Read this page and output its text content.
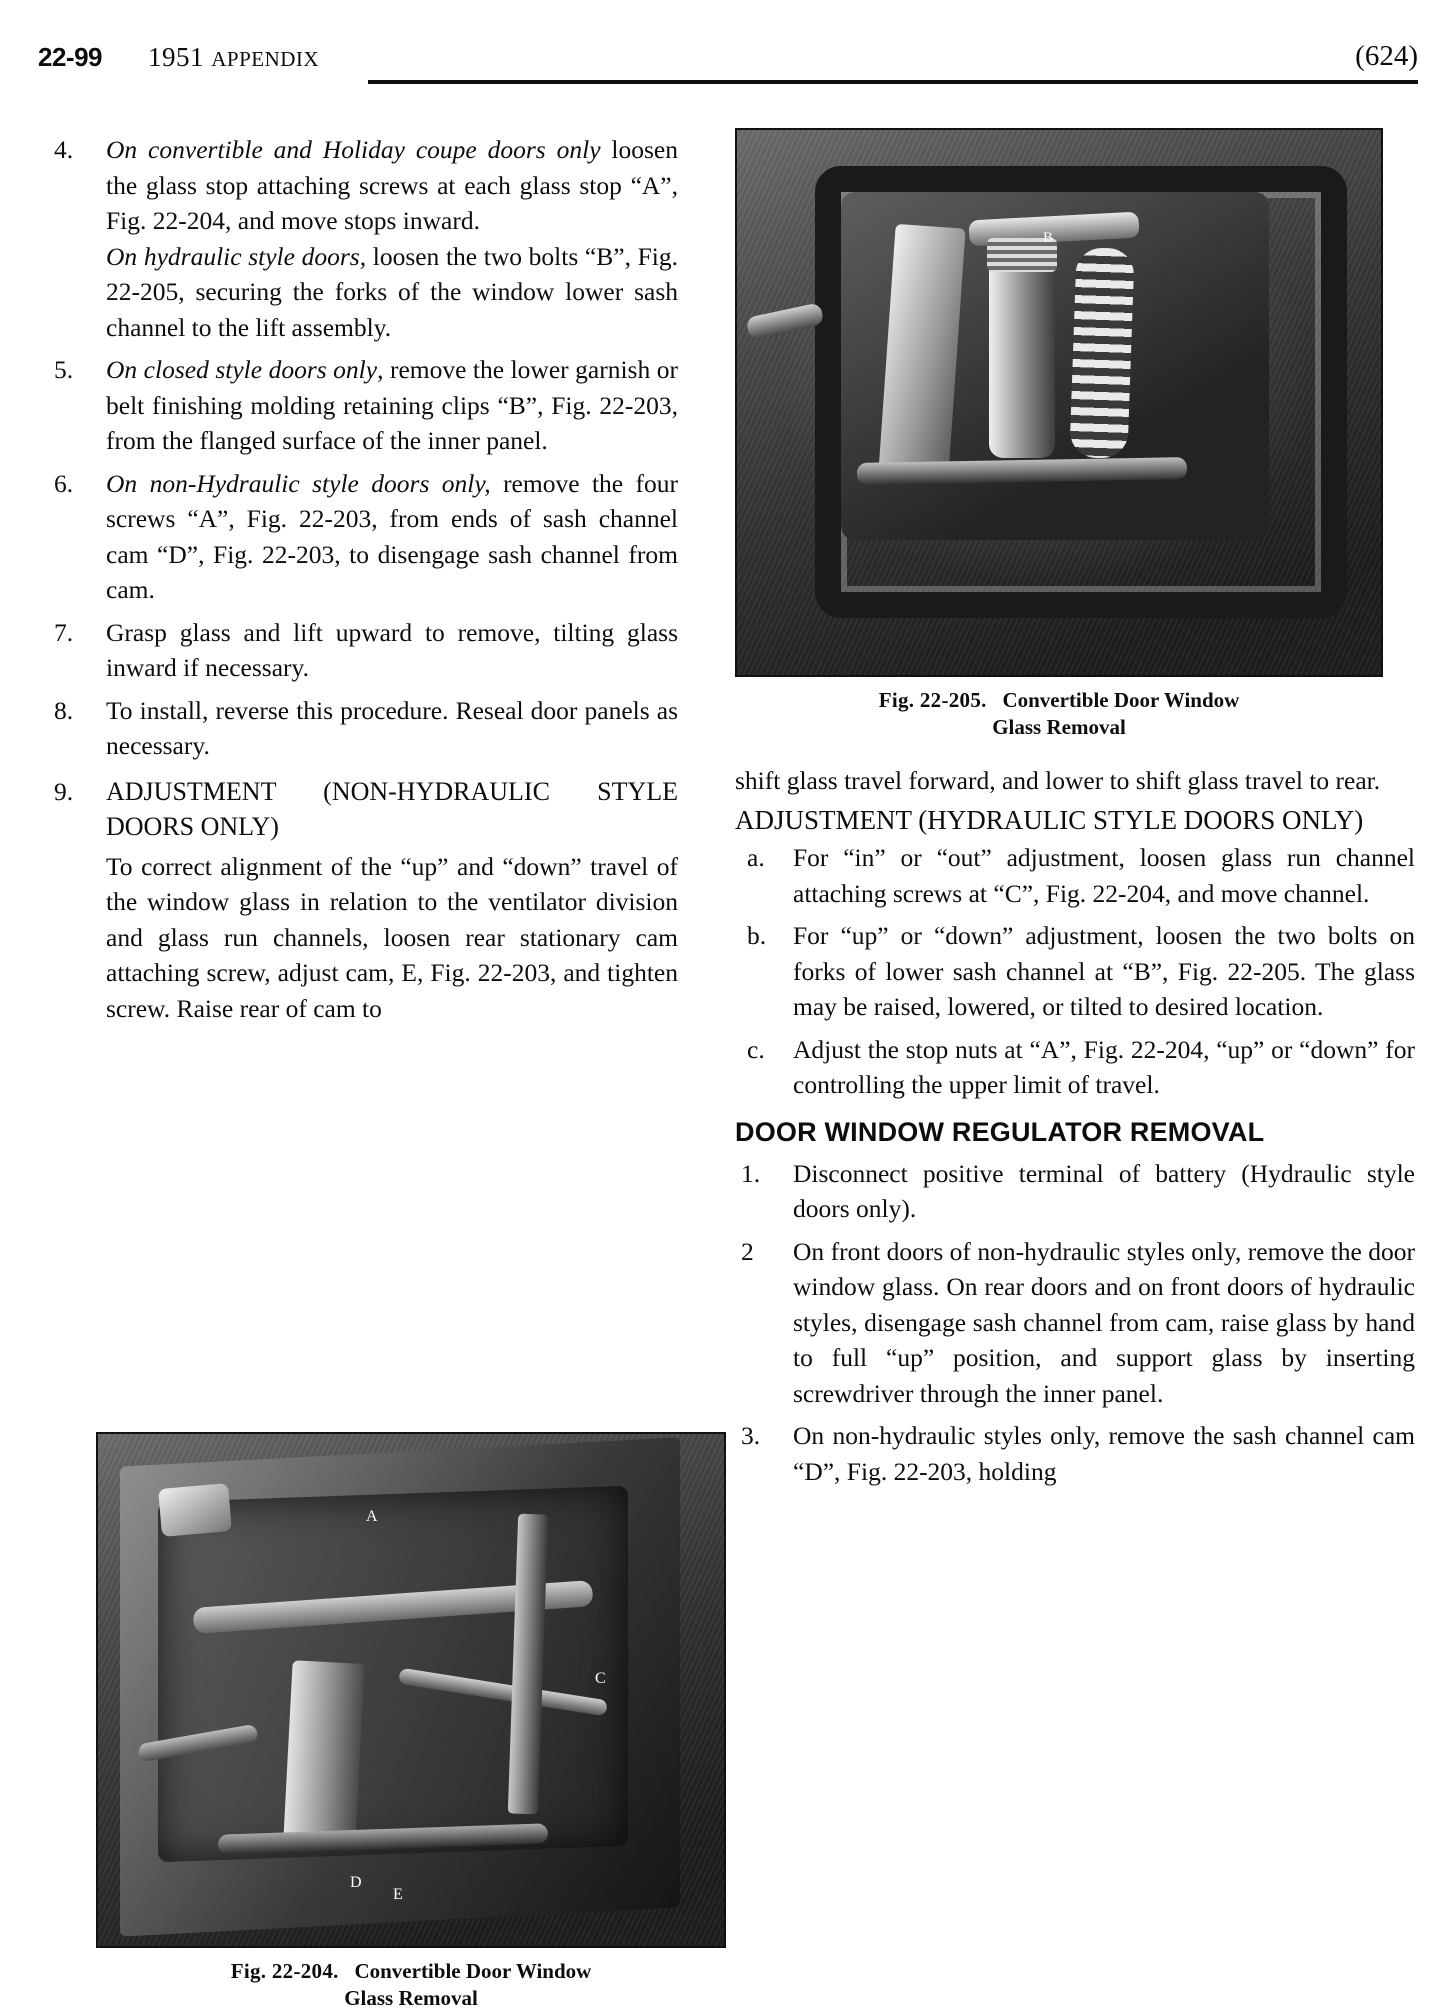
22-99 1951 APPENDIX	(624)
4.	On convertible and Holiday coupe doors only loosen the glass stop attaching screws at each glass stop “A”, Fig. 22-204, and move stops inward.
On hydraulic style doors, loosen the two bolts “B”, Fig. 22-205, securing the forks of the window lower sash channel to the lift assembly.
5.	On closed style doors only, remove the lower garnish or belt finishing molding retaining clips “B”, Fig. 22-203, from the flanged surface of the inner panel.
6.	On non-Hydraulic style doors only, remove the four screws “A”, Fig. 22-203, from ends of sash channel cam “D”, Fig. 22-203, to disengage sash channel from cam.
7.	Grasp glass and lift upward to remove, tilting glass inward if necessary.
8.	To install, reverse this procedure. Reseal door panels as necessary.
9.	ADJUSTMENT (NON-HYDRAULIC STYLE DOORS ONLY)
To correct alignment of the “up” and “down” travel of the window glass in relation to the ventilator division and glass run channels, loosen rear stationary cam attaching screw, adjust cam, E, Fig. 22-203, and tighten screw. Raise rear of cam to
A
C
D
E
Fig. 22-204. Convertible Door Window
Glass Removal
B
Fig. 22-205. Convertible Door Window
Glass Removal

shift glass travel forward, and lower to shift glass travel to rear.

ADJUSTMENT (HYDRAULIC STYLE DOORS ONLY)

a.	For “in” or “out” adjustment, loosen glass run channel attaching screws at “C”, Fig. 22-204, and move channel.
b.	For “up” or “down” adjustment, loosen the two bolts on forks of lower sash channel at “B”, Fig. 22-205. The glass may be raised, lowered, or tilted to desired location.
c.	Adjust the stop nuts at “A”, Fig. 22-204, “up” or “down” for controlling the upper limit of travel.

DOOR WINDOW REGULATOR REMOVAL

1.	Disconnect positive terminal of battery (Hydraulic style doors only).
2	On front doors of non-hydraulic styles only, remove the door window glass. On rear doors and on front doors of hydraulic styles, disengage sash channel from cam, raise glass by hand to full “up” position, and support glass by inserting screwdriver through the inner panel.
3.	On non-hydraulic styles only, remove the sash channel cam “D”, Fig. 22-203, holding
